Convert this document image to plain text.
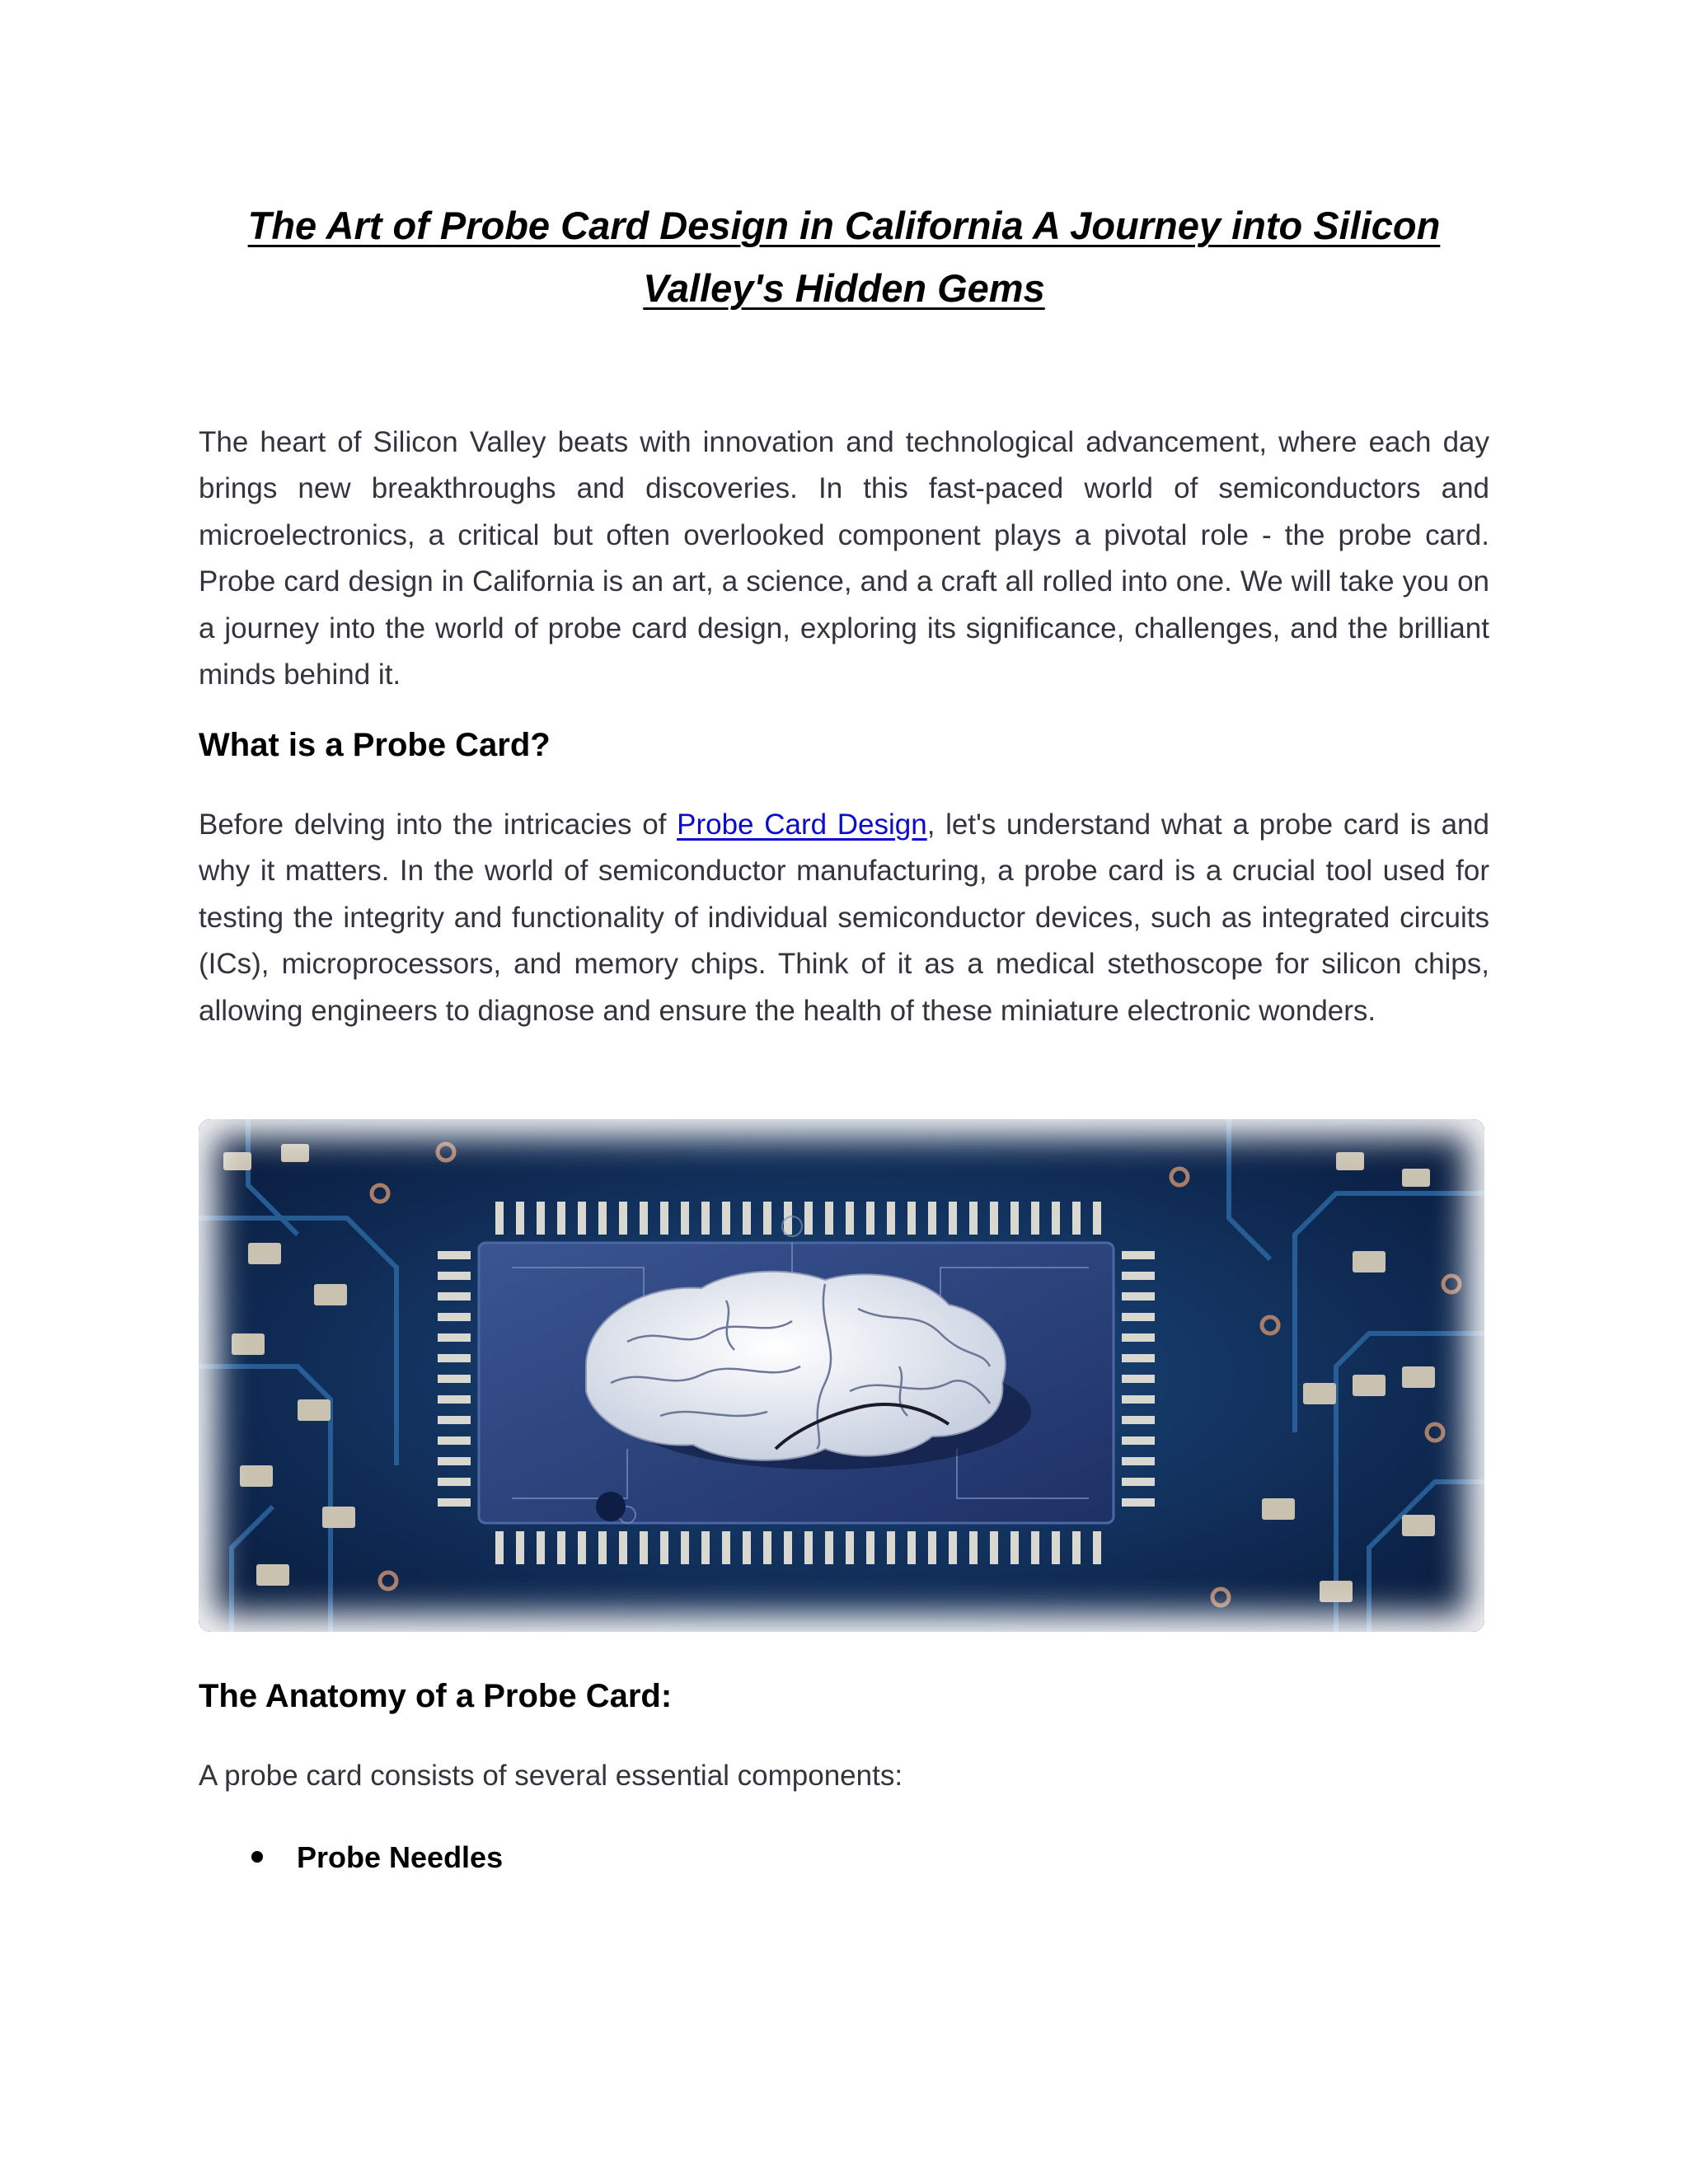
The Art of Probe Card Design in California A Journey into Silicon Valley's Hidden Gems

The heart of Silicon Valley beats with innovation and technological advancement, where each day brings new breakthroughs and discoveries. In this fast-paced world of semiconductors and microelectronics, a critical but often overlooked component plays a pivotal role - the probe card. Probe card design in California is an art, a science, and a craft all rolled into one. We will take you on a journey into the world of probe card design, exploring its significance, challenges, and the brilliant minds behind it.

What is a Probe Card?

Before delving into the intricacies of Probe Card Design, let's understand what a probe card is and why it matters. In the world of semiconductor manufacturing, a probe card is a crucial tool used for testing the integrity and functionality of individual semiconductor devices, such as integrated circuits (ICs), microprocessors, and memory chips. Think of it as a medical stethoscope for silicon chips, allowing engineers to diagnose and ensure the health of these miniature electronic wonders.

The Anatomy of a Probe Card:

A probe card consists of several essential components:

Probe Needles
